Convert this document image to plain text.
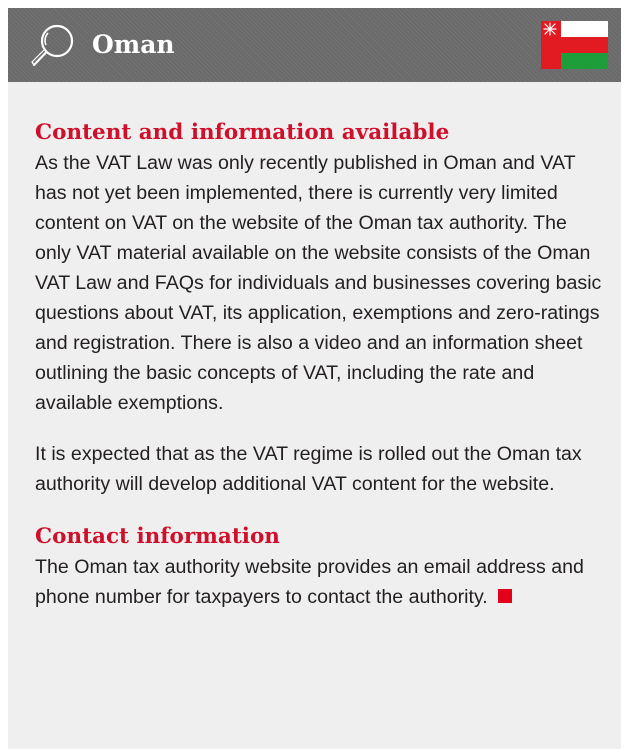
Oman
Content and information available

As the VAT Law was only recently published in Oman and VAT has not yet been implemented, there is currently very limited content on VAT on the website of the Oman tax authority. The only VAT material available on the website consists of the Oman VAT Law and FAQs for individuals and businesses covering basic questions about VAT, its application, exemptions and zero-ratings and registration. There is also a video and an information sheet outlining the basic concepts of VAT, including the rate and available exemptions.

It is expected that as the VAT regime is rolled out the Oman tax authority will develop additional VAT content for the website.

Contact information

The Oman tax authority website provides an email address and phone number for taxpayers to contact the authority.
